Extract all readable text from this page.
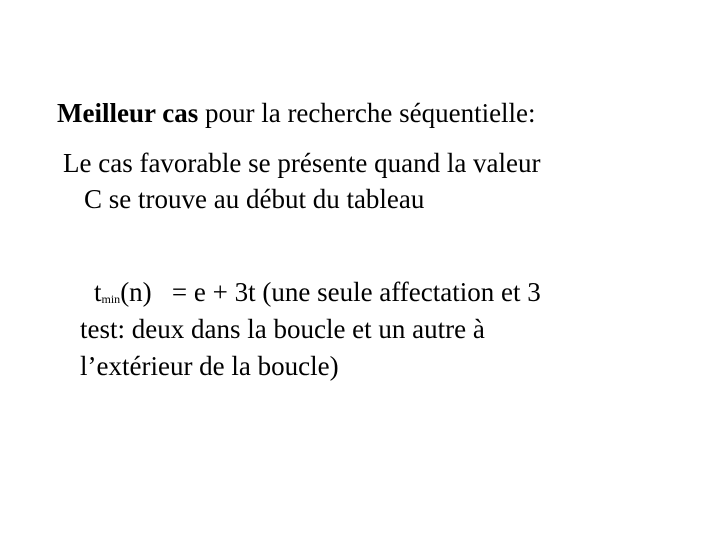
Meilleur cas pour la recherche séquentielle:
Le cas favorable se présente quand la valeur
C se trouve au début du tableau
tmin(n)   = e + 3t (une seule affectation et 3
test: deux dans la boucle et un autre à
l’extérieur de la boucle)
